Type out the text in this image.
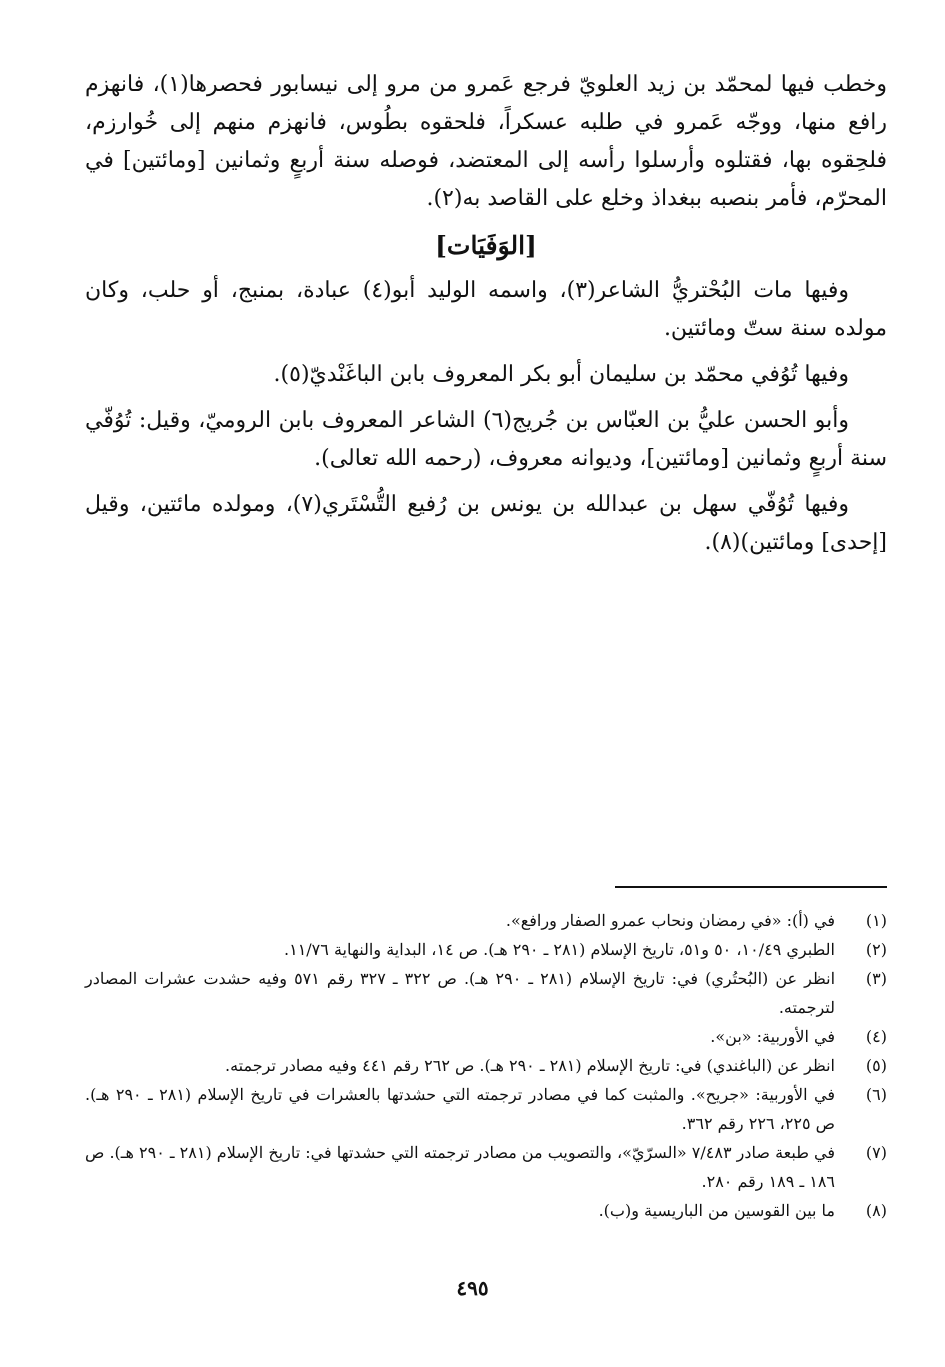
وخطب فيها لمحمّد بن زيد العلويّ فرجع عَمرو من مرو إلى نيسابور فحصرها(١)، فانهزم رافع منها، ووجّه عَمرو في طلبه عسكراً، فلحقوه بطُوس، فانهزم منهم إلى خُوارزم، فلحِقوه بها، فقتلوه وأرسلوا رأسه إلى المعتضد، فوصله سنة أربعٍ وثمانين [ومائتين] في المحرّم، فأمر بنصبه ببغداذ وخلع على القاصد به(٢).

[الوَفَيَات]

وفيها مات البُحْتريُّ الشاعر(٣)، واسمه الوليد أبو(٤) عبادة، بمنبج، أو حلب، وكان مولده سنة ستّ ومائتين.

وفيها تُوُفي محمّد بن سليمان أبو بكر المعروف بابن الباغَنْديّ(٥).

وأبو الحسن عليُّ بن العبّاس بن جُريج(٦) الشاعر المعروف بابن الروميّ، وقيل: تُوُفّي سنة أربعٍ وثمانين [ومائتين]، وديوانه معروف، (رحمه الله تعالى).

وفيها تُوُفّي سهل بن عبدالله بن يونس بن رُفيع التُّسْتَري(٧)، ومولده مائتين، وقيل [إحدى] ومائتين)(٨).

(١)
في (أ): «في رمضان ونحاب عمرو الصفار ورافع».
(٢)
الطبري ١٠/٤٩، ٥٠ و٥١، تاريخ الإسلام (٢٨١ ـ ٢٩٠ هـ). ص ١٤، البداية والنهاية ١١/٧٦.
(٣)
انظر عن (البُحتُري) في: تاريخ الإسلام (٢٨١ ـ ٢٩٠ هـ). ص ٣٢٢ ـ ٣٢٧ رقم ٥٧١ وفيه حشدت عشرات المصادر لترجمته.
(٤)
في الأوربية: «بن».
(٥)
انظر عن (الباغندي) في: تاريخ الإسلام (٢٨١ ـ ٢٩٠ هـ). ص ٢٦٢ رقم ٤٤١ وفيه مصادر ترجمته.
(٦)
في الأوربية: «جريح». والمثبت كما في مصادر ترجمته التي حشدتها بالعشرات في تاريخ الإسلام (٢٨١ ـ ٢٩٠ هـ). ص ٢٢٥، ٢٢٦ رقم ٣٦٢.
(٧)
في طبعة صادر ٧/٤٨٣ «السرّيّ»، والتصويب من مصادر ترجمته التي حشدتها في: تاريخ الإسلام (٢٨١ ـ ٢٩٠ هـ). ص ١٨٦ ـ ١٨٩ رقم ٢٨٠.
(٨)
ما بين القوسين من الباريسية و(ب).
٤٩٥
